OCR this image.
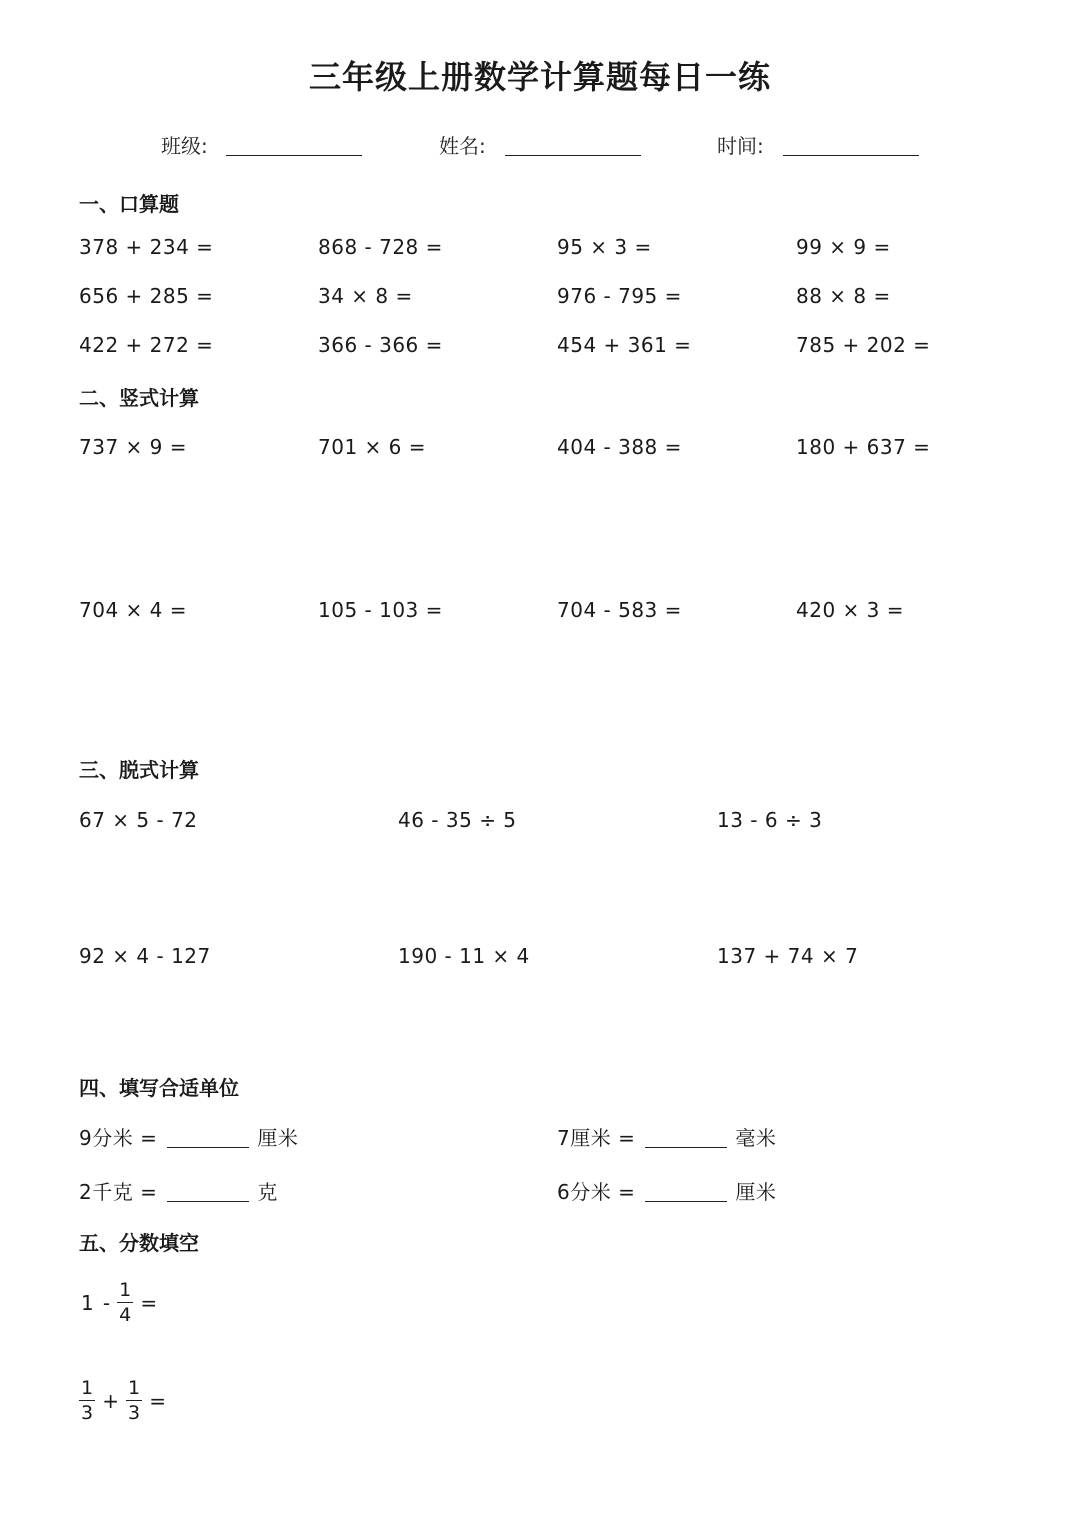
三年级上册数学计算题每日一练
班级:	姓名:	时间:
一、口算题
378 + 234 =	868 - 728 =	95 × 3 =	99 × 9 =
656 + 285 =	34 × 8 =	976 - 795 =	88 × 8 =
422 + 272 =	366 - 366 =	454 + 361 =	785 + 202 =
二、竖式计算
737 × 9 =	701 × 6 =	404 - 388 =	180 + 637 =
704 × 4 =	105 - 103 =	704 - 583 =	420 × 3 =
三、脱式计算
67 × 5 - 72	46 - 35 ÷ 5	13 - 6 ÷ 3
92 × 4 - 127	190 - 11 × 4	137 + 74 × 7
四、填写合适单位
9分米 =	厘米	7厘米 =	毫米
2千克 =	克	6分米 =	厘米
五、分数填空
$1 - \frac{1}{4}$ =
$\frac{1}{3} + \frac{1}{3}$ =
